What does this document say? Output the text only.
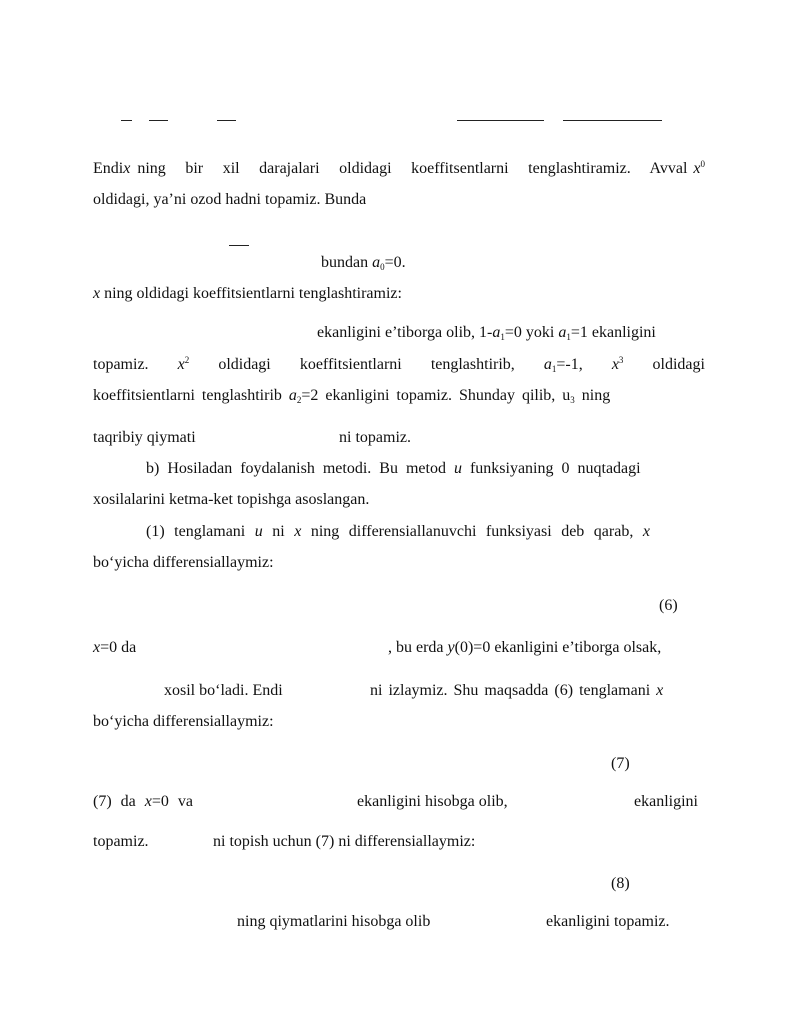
Endi x ning bir xil darajalari oldidagi koeffitsentlarni tenglashtiramiz. Avval $x^0$
oldidagi, ya’ni ozod hadni topamiz. Bunda
bundan $a_0=0$.
x ning oldidagi koeffitsientlarni tenglashtiramiz:
ekanligini e’tiborga olib, $1-a_1=0$ yoki $a_1=1$ ekanligini
topamiz. $x^2$ oldidagi koeffitsientlarni tenglashtirib, $a_1=-1$, $x^3$ oldidagi
koeffitsientlarni tenglashtirib $a_2=2$ ekanligini topamiz. Shunday qilib, $u_3$ ning
taqribiy qiymati	ni topamiz.
b) Hosiladan foydalanish metodi. Bu metod u funksiyaning 0 nuqtadagi
xosilalarini ketma-ket topishga asoslangan.
(1) tenglamani u ni x ning differensiallanuvchi funksiyasi deb qarab, x
bo‘yicha differensiallaymiz:
(6)
x=0 da	, bu erda y(0)=0 ekanligini e’tiborga olsak,
xosil bo‘ladi. Endi	ni izlaymiz. Shu maqsadda (6) tenglamani x
bo‘yicha differensiallaymiz:
(7)
(7) da x=0 va	ekanligini hisobga olib,	ekanligini
topamiz.	ni topish uchun (7) ni differensiallaymiz:
(8)
ning qiymatlarini hisobga olib	ekanligini topamiz.
